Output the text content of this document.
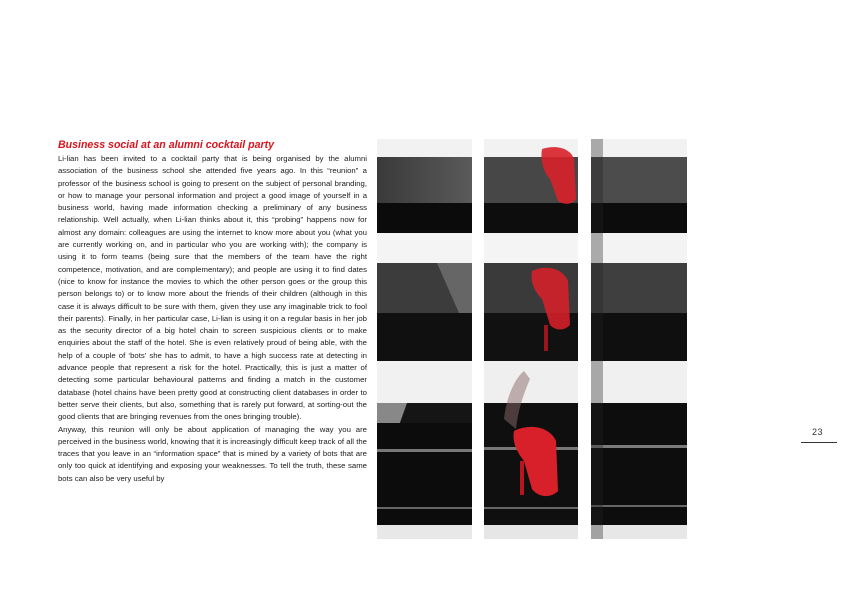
Business social at an alumni cocktail party

Li-lian has been invited to a cocktail party that is being organised by the alumni association of the business school she attended five years ago. In this “reunion” a professor of the business school is going to present on the subject of personal branding, or how to manage your personal information and project a good image of yourself in a business world, having made information checking a preliminary of any business relationship. Well actually, when Li-lian thinks about it, this “probing” happens now for almost any domain: colleagues are using the internet to know more about you (what you are currently working on, and in particular who you are working with); the company is using it to form teams (being sure that the members of the team have the right competence, motivation, and are complementary); and people are using it to find dates (nice to know for instance the movies to which the other person goes or the group this person belongs to) or to know more about the friends of their children (although in this case it is always difficult to be sure with them, given they use any imaginable trick to fool their parents). Finally, in her particular case, Li-lian is using it on a regular basis in her job as the security director of a big hotel chain to screen suspicious clients or to make enquiries about the staff of the hotel. She is even relatively proud of being able, with the help of a couple of ‘bots’ she has to admit, to have a high success rate at detecting in advance people that represent a risk for the hotel. Practically, this is just a matter of detecting some particular behavioural patterns and finding a match in the customer database (hotel chains have been pretty good at constructing client databases in order to better serve their clients, but also, something that is rarely put forward, at sorting-out the good clients that are bringing revenues from the ones bringing trouble).

Anyway, this reunion will only be about application of managing the way you are perceived in the business world, knowing that it is increasingly difficult keep track of all the traces that you leave in an “information space” that is mined by a variety of bots that are only too quick at identifying and exposing your weaknesses. To tell the truth, these same bots can also be very useful by

23
